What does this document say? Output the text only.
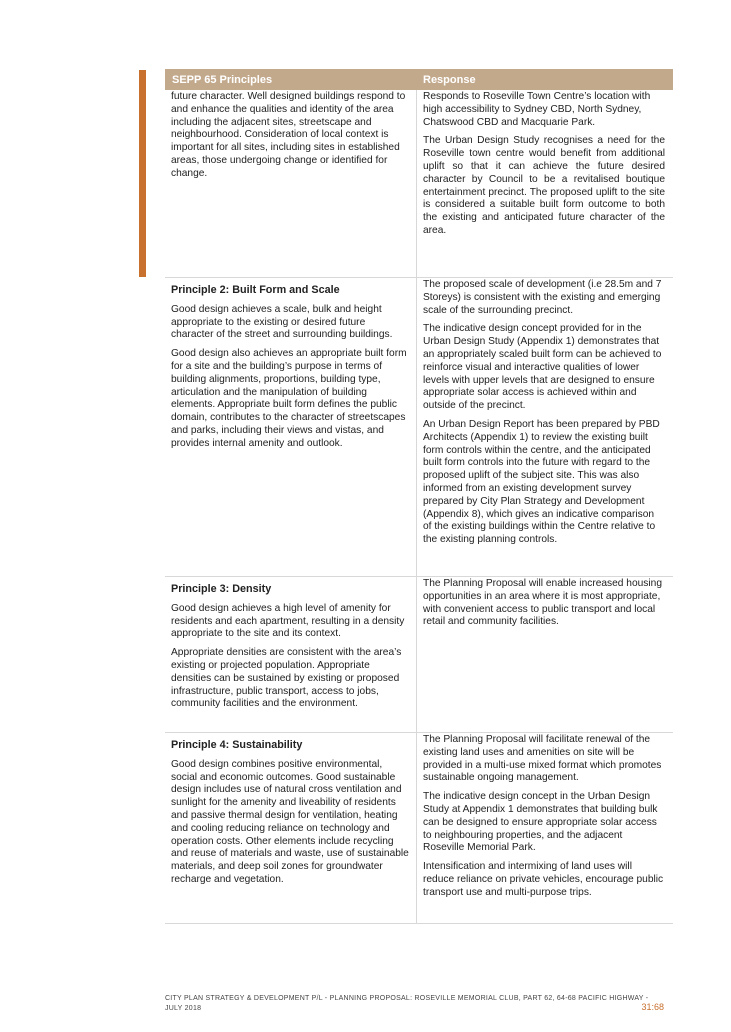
SEPP 65 Principles	Response

future character. Well designed buildings respond to and enhance the qualities and identity of the area including the adjacent sites, streetscape and neighbourhood. Consideration of local context is important for all sites, including sites in established areas, those undergoing change or identified for change.

Responds to Roseville Town Centre’s location with high accessibility to Sydney CBD, North Sydney, Chatswood CBD and Macquarie Park.

The Urban Design Study recognises a need for the Roseville town centre would benefit from additional uplift so that it can achieve the future desired character by Council to be a revitalised boutique entertainment precinct. The proposed uplift to the site is considered a suitable built form outcome to both the existing and anticipated future character of the area.

Principle 2: Built Form and Scale

Good design achieves a scale, bulk and height appropriate to the existing or desired future character of the street and surrounding buildings.

Good design also achieves an appropriate built form for a site and the building’s purpose in terms of building alignments, proportions, building type, articulation and the manipulation of building elements. Appropriate built form defines the public domain, contributes to the character of streetscapes and parks, including their views and vistas, and provides internal amenity and outlook.

The proposed scale of development (i.e 28.5m and 7 Storeys) is consistent with the existing and emerging scale of the surrounding precinct.

The indicative design concept provided for in the Urban Design Study (Appendix 1) demonstrates that an appropriately scaled built form can be achieved to reinforce visual and interactive qualities of lower levels with upper levels that are designed to ensure appropriate solar access is achieved within and outside of the precinct.

An Urban Design Report has been prepared by PBD Architects (Appendix 1) to review the existing built form controls within the centre, and the anticipated built form controls into the future with regard to the proposed uplift of the subject site. This was also informed from an existing development survey prepared by City Plan Strategy and Development (Appendix 8), which gives an indicative comparison of the existing buildings within the Centre relative to the existing planning controls.

Principle 3: Density

Good design achieves a high level of amenity for residents and each apartment, resulting in a density appropriate to the site and its context.

Appropriate densities are consistent with the area’s existing or projected population. Appropriate densities can be sustained by existing or proposed infrastructure, public transport, access to jobs, community facilities and the environment.

The Planning Proposal will enable increased housing opportunities in an area where it is most appropriate, with convenient access to public transport and local retail and community facilities.

Principle 4: Sustainability

Good design combines positive environmental, social and economic outcomes. Good sustainable design includes use of natural cross ventilation and sunlight for the amenity and liveability of residents and passive thermal design for ventilation, heating and cooling reducing reliance on technology and operation costs. Other elements include recycling and reuse of materials and waste, use of sustainable materials, and deep soil zones for groundwater recharge and vegetation.

The Planning Proposal will facilitate renewal of the existing land uses and amenities on site will be provided in a multi-use mixed format which promotes sustainable ongoing management.

The indicative design concept in the Urban Design Study at Appendix 1 demonstrates that building bulk can be designed to ensure appropriate solar access to neighbouring properties, and the adjacent Roseville Memorial Park.

Intensification and intermixing of land uses will reduce reliance on private vehicles, encourage public transport use and multi-purpose trips.

CITY PLAN STRATEGY & DEVELOPMENT P/L - PLANNING PROPOSAL: ROSEVILLE MEMORIAL CLUB, PART 62, 64-68 PACIFIC HIGHWAY - JULY 2018	31:68
